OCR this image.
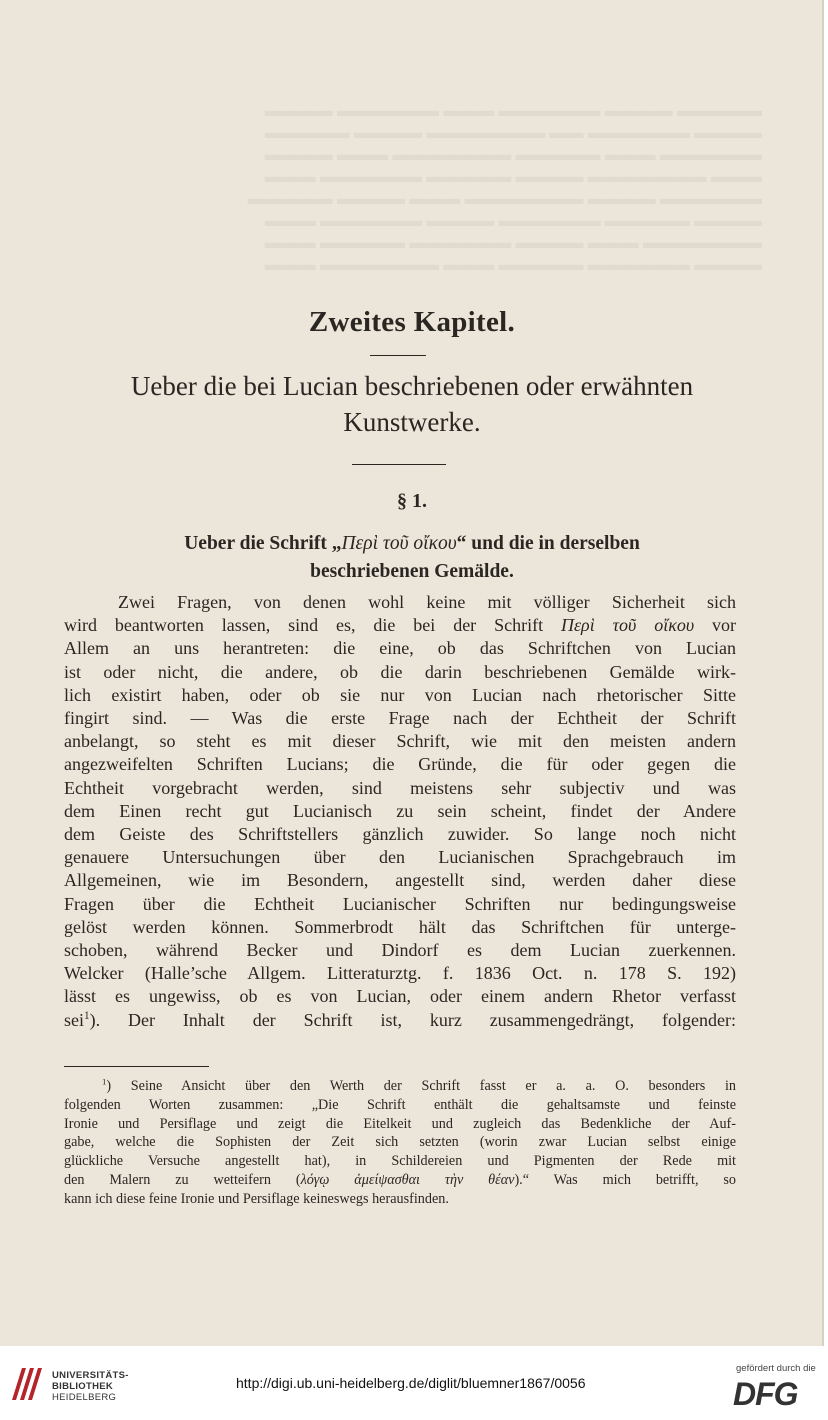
▬▬▬▬▬ ▬▬▬▬ ▬▬▬▬▬▬ ▬▬▬ ▬▬▬▬▬▬ ▬▬▬▬

▬▬▬▬ ▬▬▬▬▬▬ ▬▬ ▬▬▬▬▬▬▬ ▬▬▬▬ ▬▬▬▬▬

▬▬▬▬▬▬ ▬▬▬ ▬▬▬▬▬ ▬▬▬▬▬▬▬ ▬▬▬ ▬▬▬▬

▬▬▬ ▬▬▬▬▬▬▬ ▬▬▬▬ ▬▬▬▬▬ ▬▬▬▬▬▬ ▬▬▬

▬▬▬▬▬▬ ▬▬▬▬ ▬▬▬▬▬▬▬ ▬▬▬ ▬▬▬▬ ▬▬▬▬▬

▬▬▬▬ ▬▬▬▬▬ ▬▬▬▬▬▬ ▬▬▬▬ ▬▬▬▬▬▬ ▬▬▬

▬▬▬▬▬▬▬ ▬▬▬ ▬▬▬▬ ▬▬▬▬▬▬ ▬▬▬▬▬ ▬▬▬

▬▬▬▬ ▬▬▬▬▬▬ ▬▬▬▬▬ ▬▬▬ ▬▬▬▬▬▬▬ ▬▬▬

Zweites Kapitel.
Ueber die bei Lucian beschriebenen oder erwähnten
Kunstwerke.
§ 1.
Ueber die Schrift „Περὶ τοῦ οἴκου“ und die in derselben
beschriebenen Gemälde.
Zwei Fragen, von denen wohl keine mit völliger Sicherheit sich
wird beantworten lassen, sind es, die bei der Schrift Περὶ τοῦ οἴκου vor
Allem an uns herantreten: die eine, ob das Schriftchen von Lucian
ist oder nicht, die andere, ob die darin beschriebenen Gemälde wirk-
lich existirt haben, oder ob sie nur von Lucian nach rhetorischer Sitte
fingirt sind. — Was die erste Frage nach der Echtheit der Schrift
anbelangt, so steht es mit dieser Schrift, wie mit den meisten andern
angezweifelten Schriften Lucians; die Gründe, die für oder gegen die
Echtheit vorgebracht werden, sind meistens sehr subjectiv und was
dem Einen recht gut Lucianisch zu sein scheint, findet der Andere
dem Geiste des Schriftstellers gänzlich zuwider. So lange noch nicht
genauere Untersuchungen über den Lucianischen Sprachgebrauch im
Allgemeinen, wie im Besondern, angestellt sind, werden daher diese
Fragen über die Echtheit Lucianischer Schriften nur bedingungsweise
gelöst werden können. Sommerbrodt hält das Schriftchen für unterge-
schoben, während Becker und Dindorf es dem Lucian zuerkennen.
Welcker (Halle’sche Allgem. Litteraturztg. f. 1836 Oct. n. 178 S. 192)
lässt es ungewiss, ob es von Lucian, oder einem andern Rhetor verfasst
sei$^1$). Der Inhalt der Schrift ist, kurz zusammengedrängt, folgender:
$^1$) Seine Ansicht über den Werth der Schrift fasst er a. a. O. besonders in
folgenden Worten zusammen: „Die Schrift enthält die gehaltsamste und feinste
Ironie und Persiflage und zeigt die Eitelkeit und zugleich das Bedenkliche der Auf-
gabe, welche die Sophisten der Zeit sich setzten (worin zwar Lucian selbst einige
glückliche Versuche angestellt hat), in Schildereien und Pigmenten der Rede mit
den Malern zu wetteifern (λόγῳ ἀμείψασθαι τὴν θέαν).“ Was mich betrifft, so
kann ich diese feine Ironie und Persiflage keineswegs herausfinden.
UNIVERSITÄTS-
BIBLIOTHEK
HEIDELBERG
http://digi.ub.uni-heidelberg.de/diglit/bluemner1867/0056
gefördert durch die
DFG
